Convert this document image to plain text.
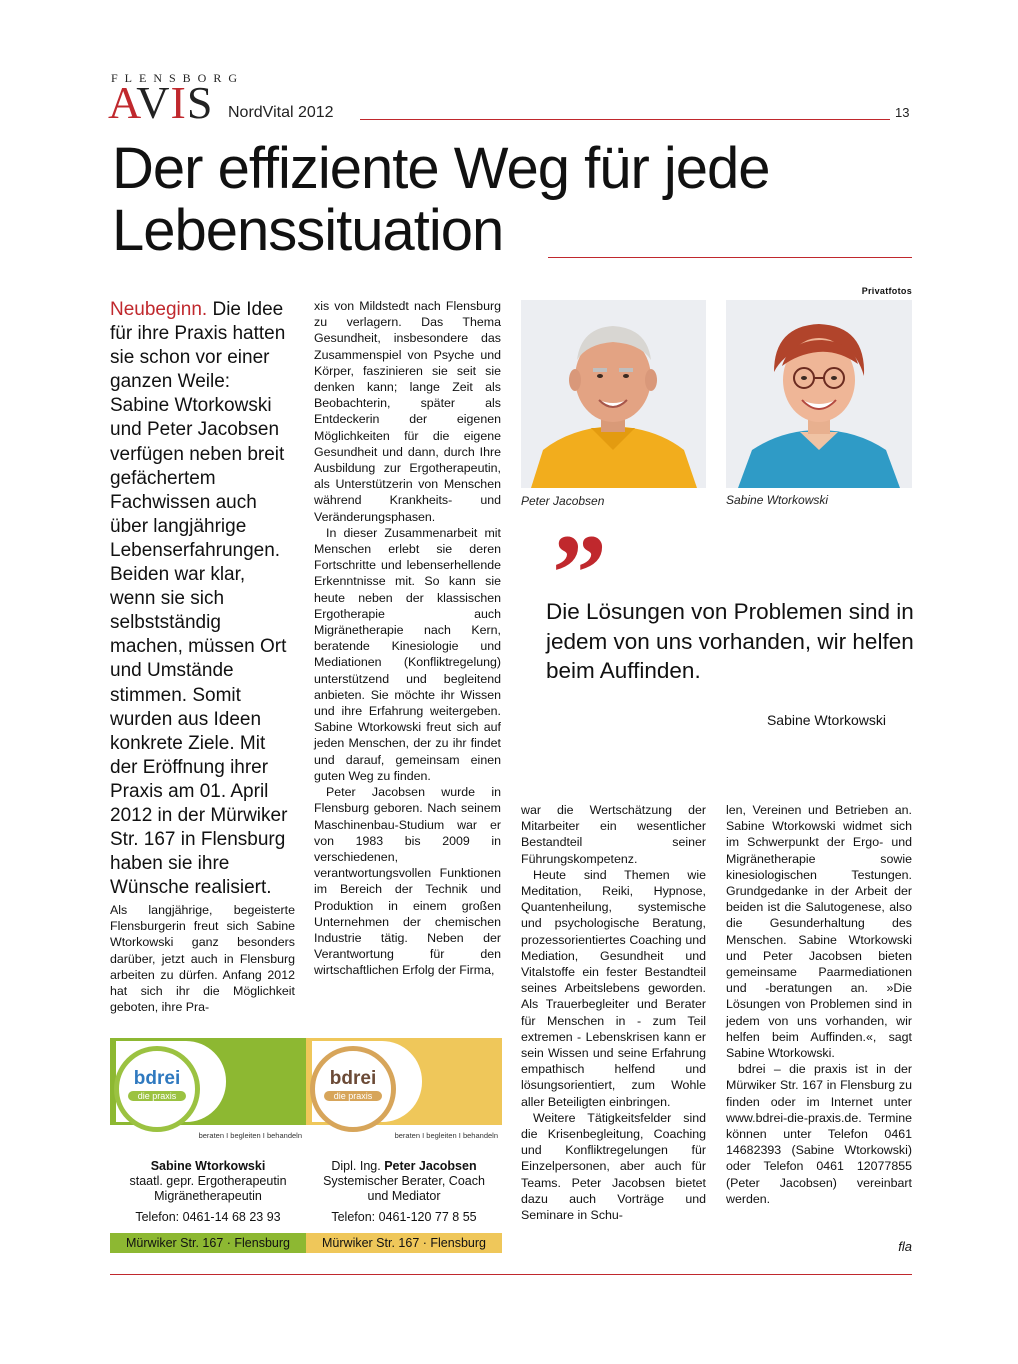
FLENSBORG
AVIS NordVital 2012	13
Der effiziente Weg für jede Lebenssituation
Privatfotos

Neubeginn. Die Idee für ihre Praxis hatten sie schon vor einer ganzen Weile: Sabine Wtorkowski und Peter Jacobsen verfügen neben breit gefächertem Fachwissen auch über langjährige Lebenserfahrungen. Beiden war klar, wenn sie sich selbstständig machen, müssen Ort und Umstände stimmen. Somit wurden aus Ideen konkrete Ziele. Mit der Eröffnung ihrer Praxis am 01. April 2012 in der Mürwiker Str. 167 in Flensburg haben sie ihre Wünsche realisiert.

Als langjährige, begeisterte Flensburgerin freut sich Sabine Wtorkowski ganz besonders darüber, jetzt auch in Flensburg arbeiten zu dürfen. Anfang 2012 hat sich ihr die Möglichkeit geboten, ihre Pra-

xis von Mildstedt nach Flensburg zu verlagern. Das Thema Gesundheit, insbesondere das Zusammenspiel von Psyche und Körper, faszinieren sie seit sie denken kann; lange Zeit als Beobachterin, später als Entdeckerin der eigenen Möglichkeiten für die eigene Gesundheit und dann, durch Ihre Ausbildung zur Ergotherapeutin, als Unterstützerin von Menschen während Krankheits- und Veränderungsphasen.

In dieser Zusammenarbeit mit Menschen erlebt sie deren Fortschritte und lebenserhellende Erkenntnisse mit. So kann sie heute neben der klassischen Ergotherapie auch Migränetherapie nach Kern, beratende Kinesiologie und Mediationen (Konfliktregelung) unterstützend und begleitend anbieten. Sie möchte ihr Wissen und ihre Erfahrung weitergeben. Sabine Wtorkowski freut sich auf jeden Menschen, der zu ihr findet und darauf, gemeinsam einen guten Weg zu finden.

Peter Jacobsen wurde in Flensburg geboren. Nach seinem Maschinenbau-Studium war er von 1983 bis 2009 in verschiedenen, verantwortungsvollen Funktionen im Bereich der Technik und Produktion in einem großen Unternehmen der chemischen Industrie tätig. Neben der Verantwortung für den wirtschaftlichen Erfolg der Firma,

Peter Jacobsen	Sabine Wtorkowski
”

Die Lösungen von Problemen sind in jedem von uns vorhanden, wir helfen beim Auffinden.

Sabine Wtorkowski

war die Wertschätzung der Mitarbeiter ein wesentlicher Bestandteil seiner Führungskompetenz.

Heute sind Themen wie Meditation, Reiki, Hypnose, Quantenheilung, systemische und psychologische Beratung, prozessorientiertes Coaching und Mediation, Gesundheit und Vitalstoffe ein fester Bestandteil seines Arbeitslebens geworden. Als Trauerbegleiter und Berater für Menschen in - zum Teil extremen - Lebenskrisen kann er sein Wissen und seine Erfahrung empathisch helfend und lösungsorientiert, zum Wohle aller Beteiligten einbringen.

Weitere Tätigkeitsfelder sind die Krisenbegleitung, Coaching und Konfliktregelungen für Einzelpersonen, aber auch für Teams. Peter Jacobsen bietet dazu auch Vorträge und Seminare in Schu-

len, Vereinen und Betrieben an. Sabine Wtorkowski widmet sich im Schwerpunkt der Ergo- und Migränetherapie sowie kinesiologischen Testungen. Grundgedanke in der Arbeit der beiden ist die Salutogenese, also die Gesunderhaltung des Menschen. Sabine Wtorkowski und Peter Jacobsen bieten gemeinsame Paarmediationen und -beratungen an. »Die Lösungen von Problemen sind in jedem von uns vorhanden, wir helfen beim Auffinden.«, sagt Sabine Wtorkowski.

bdrei – die praxis ist in der Mürwiker Str. 167 in Flensburg zu finden oder im Internet unter www.bdrei-die-praxis.de. Termine können unter Telefon 0461 14682393 (Sabine Wtorkowski) oder Telefon 0461 12077855 (Peter Jacobsen) vereinbart werden.

bdrei
die praxis
beraten I begleiten I behandeln
Sabine Wtorkowski
staatl. gepr. Ergotherapeutin
Migränetherapeutin
Telefon: 0461-14 68 23 93
Mürwiker Str. 167 · Flensburg
bdrei
die praxis
beraten I begleiten I behandeln
Dipl. Ing. Peter Jacobsen
Systemischer Berater, Coach
und Mediator
Telefon: 0461-120 77 8 55
Mürwiker Str. 167 · Flensburg	fla
